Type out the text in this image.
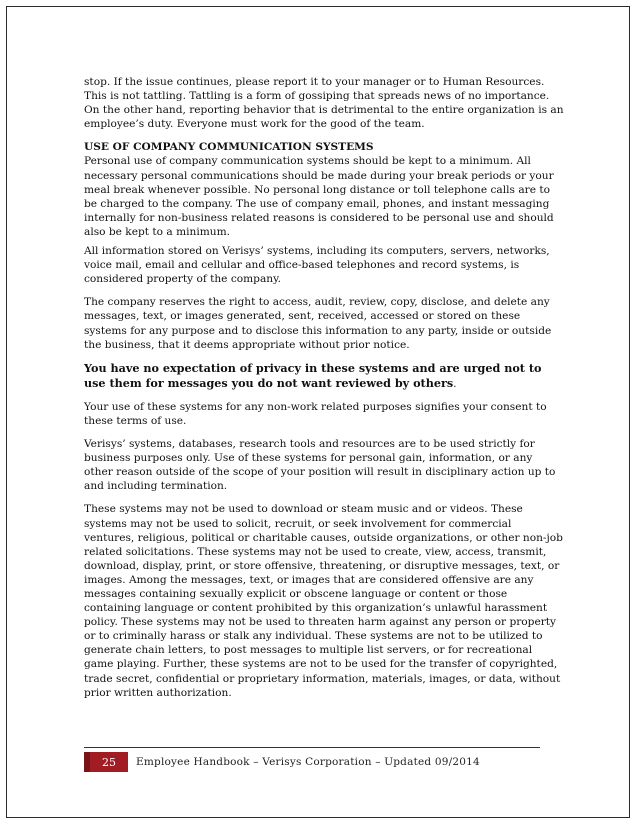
stop. If the issue continues, please report it to your manager or to Human Resources. This is not tattling. Tattling is a form of gossiping that spreads news of no importance. On the other hand, reporting behavior that is detrimental to the entire organization is an employee’s duty. Everyone must work for the good of the team.

USE OF COMPANY COMMUNICATION SYSTEMS
Personal use of company communication systems should be kept to a minimum. All necessary personal communications should be made during your break periods or your meal break whenever possible. No personal long distance or toll telephone calls are to be charged to the company. The use of company email, phones, and instant messaging internally for non-business related reasons is considered to be personal use and should also be kept to a minimum.

All information stored on Verisys’ systems, including its computers, servers, networks, voice mail, email and cellular and office-based telephones and record systems, is considered property of the company.

The company reserves the right to access, audit, review, copy, disclose, and delete any messages, text, or images generated, sent, received, accessed or stored on these systems for any purpose and to disclose this information to any party, inside or outside the business, that it deems appropriate without prior notice.

You have no expectation of privacy in these systems and are urged not to use them for messages you do not want reviewed by others.

Your use of these systems for any non-work related purposes signifies your consent to these terms of use.

Verisys’ systems, databases, research tools and resources are to be used strictly for business purposes only. Use of these systems for personal gain, information, or any other reason outside of the scope of your position will result in disciplinary action up to and including termination.

These systems may not be used to download or steam music and or videos. These systems may not be used to solicit, recruit, or seek involvement for commercial ventures, religious, political or charitable causes, outside organizations, or other non-job related solicitations. These systems may not be used to create, view, access, transmit, download, display, print, or store offensive, threatening, or disruptive messages, text, or images. Among the messages, text, or images that are considered offensive are any messages containing sexually explicit or obscene language or content or those containing language or content prohibited by this organization’s unlawful harassment policy. These systems may not be used to threaten harm against any person or property or to criminally harass or stalk any individual. These systems are not to be utilized to generate chain letters, to post messages to multiple list servers, or for recreational game playing. Further, these systems are not to be used for the transfer of copyrighted, trade secret, confidential or proprietary information, materials, images, or data, without prior written authorization.

25	Employee Handbook – Verisys Corporation – Updated 09/2014
